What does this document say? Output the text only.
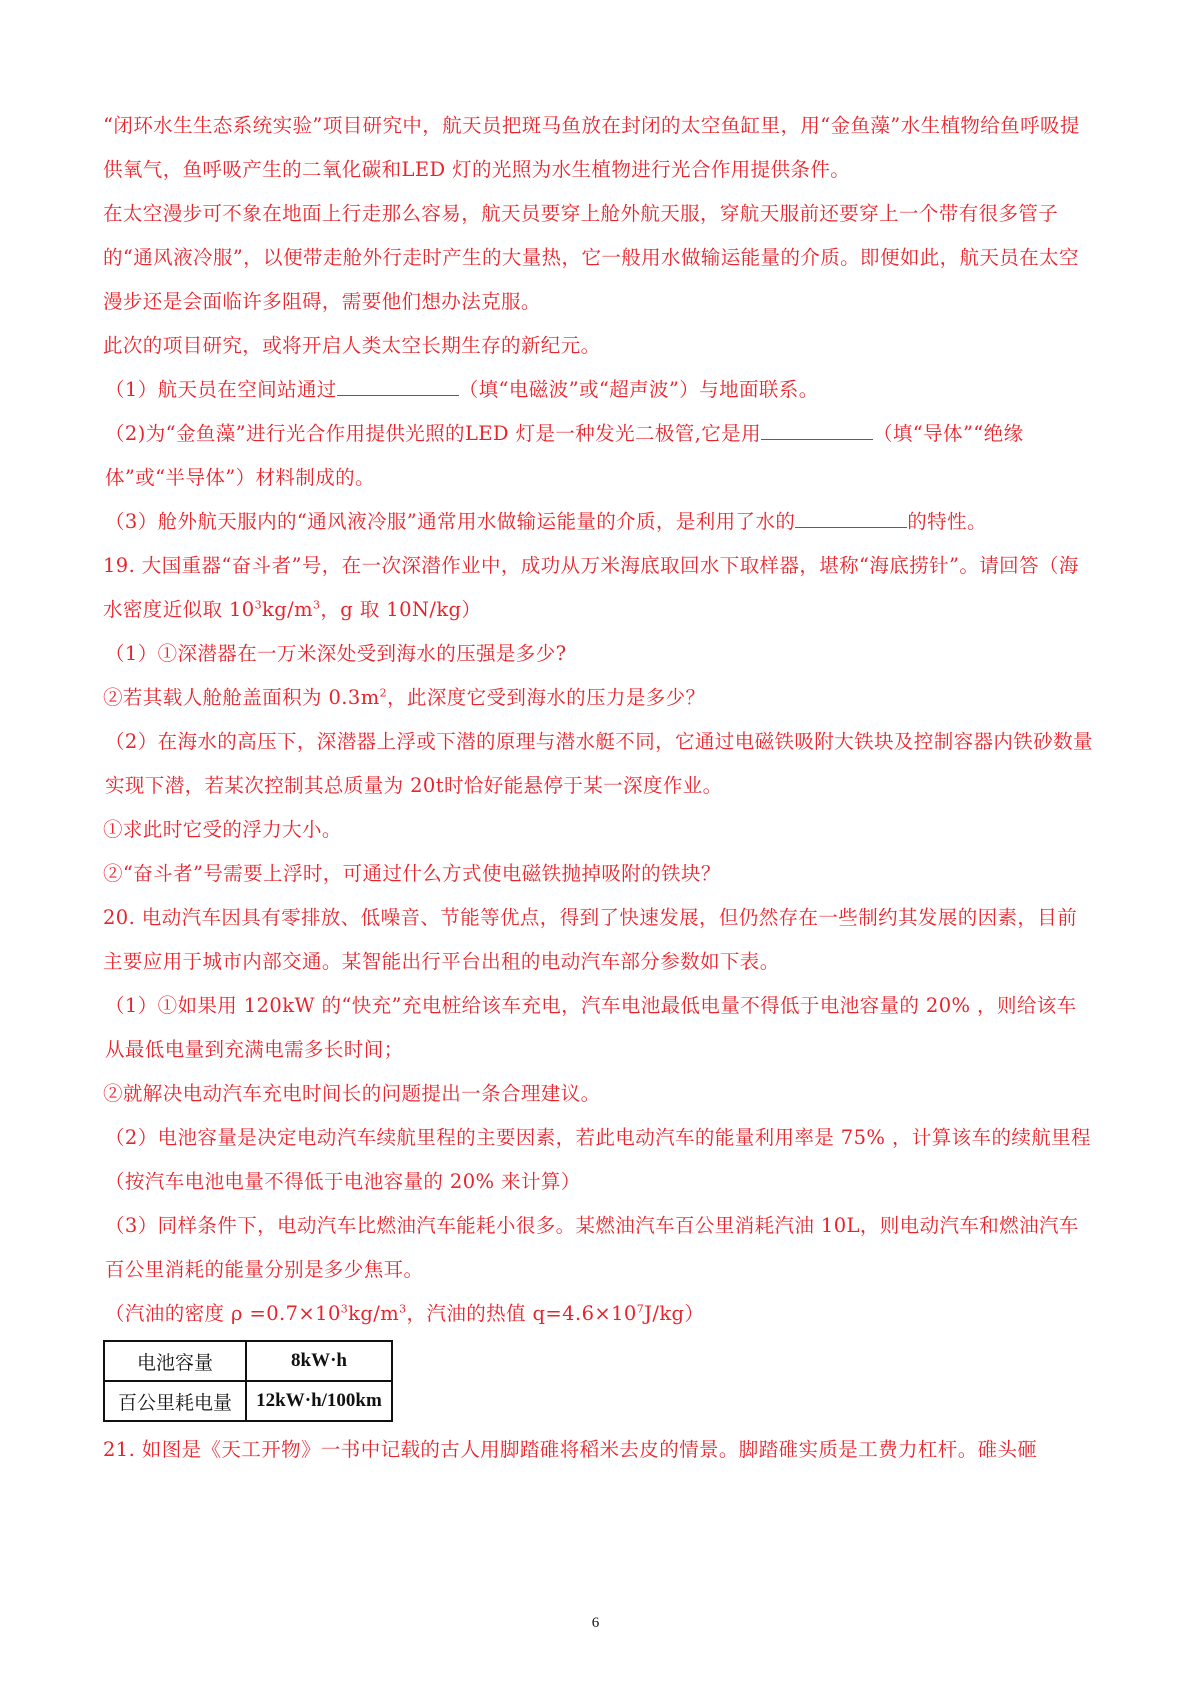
“闭环水生生态系统实验”项目研究中，航天员把斑马鱼放在封闭的太空鱼缸里，用“金鱼藻”水生植物给鱼呼吸提供氧气，鱼呼吸产生的二氧化碳和LED 灯的光照为水生植物进行光合作用提供条件。

在太空漫步可不象在地面上行走那么容易，航天员要穿上舱外航天服，穿航天服前还要穿上一个带有很多管子的“通风液冷服”，以便带走舱外行走时产生的大量热，它一般用水做输运能量的介质。即便如此，航天员在太空漫步还是会面临许多阻碍，需要他们想办法克服。

此次的项目研究，或将开启人类太空长期生存的新纪元。

（1）航天员在空间站通过	（填“电磁波”或“超声波”）与地面联系。

（2)为“金鱼藻”进行光合作用提供光照的LED 灯是一种发光二极管,它是用	（填“导体”“绝缘体”或“半导体”）材料制成的。

（3）舱外航天服内的“通风液冷服”通常用水做输运能量的介质，是利用了水的	的特性。

19. 大国重器“奋斗者”号，在一次深潜作业中，成功从万米海底取回水下取样器，堪称“海底捞针”。请回答（海水密度近似取 $10^3kg/m^3$，g 取 10N/kg）

（1）①深潜器在一万米深处受到海水的压强是多少?

②若其载人舱舱盖面积为 $0.3m^2$，此深度它受到海水的压力是多少？

（2）在海水的高压下，深潜器上浮或下潜的原理与潜水艇不同，它通过电磁铁吸附大铁块及控制容器内铁砂数量实现下潜，若某次控制其总质量为 20t时恰好能悬停于某一深度作业。

①求此时它受的浮力大小。

②“奋斗者”号需要上浮时，可通过什么方式使电磁铁抛掉吸附的铁块？

20. 电动汽车因具有零排放、低噪音、节能等优点，得到了快速发展，但仍然存在一些制约其发展的因素，目前主要应用于城市内部交通。某智能出行平台出租的电动汽车部分参数如下表。

（1）①如果用 120kW 的“快充”充电桩给该车充电，汽车电池最低电量不得低于电池容量的 20% ，则给该车从最低电量到充满电需多长时间；

②就解决电动汽车充电时间长的问题提出一条合理建议。

（2）电池容量是决定电动汽车续航里程的主要因素，若此电动汽车的能量利用率是 75% ，计算该车的续航里程（按汽车电池电量不得低于电池容量的 20% 来计算）

（3）同样条件下，电动汽车比燃油汽车能耗小很多。某燃油汽车百公里消耗汽油 10L，则电动汽车和燃油汽车百公里消耗的能量分别是多少焦耳。

（汽油的密度 $\rho =0.7\times 10^3kg/m^3$，汽油的热值 $q=4.6\times 10^7J/kg$）

电池容量	8kW·h
百公里耗电量	12kW·h/100km

21. 如图是《天工开物》一书中记载的古人用脚踏碓将稻米去皮的情景。脚踏碓实质是工费力杠杆。碓头砸

6
